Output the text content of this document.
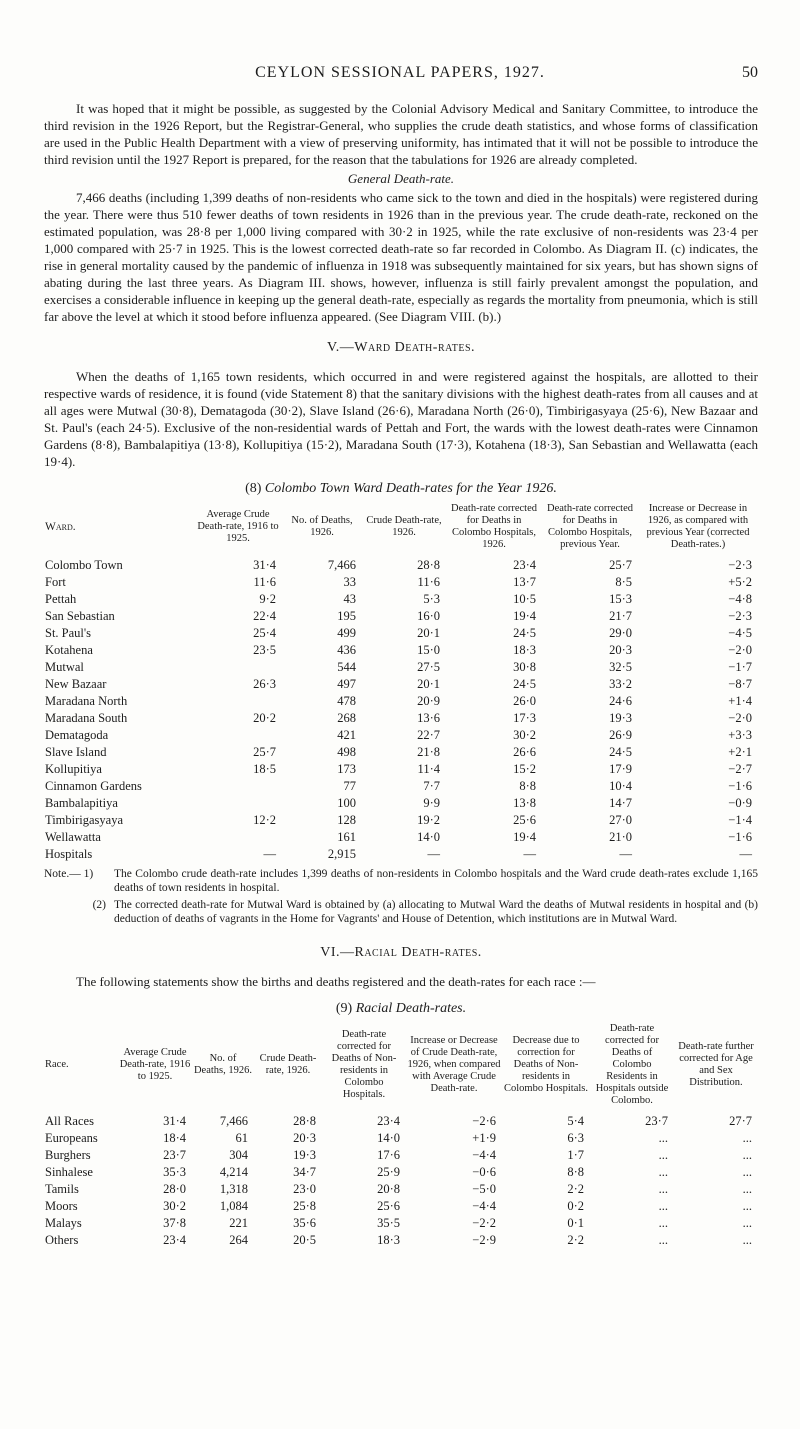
CEYLON SESSIONAL PAPERS, 1927.	50

It was hoped that it might be possible, as suggested by the Colonial Advisory Medical and Sanitary Committee, to introduce the third revision in the 1926 Report, but the Registrar-General, who supplies the crude death statistics, and whose forms of classification are used in the Public Health Department with a view of preserving uniformity, has intimated that it will not be possible to introduce the third revision until the 1927 Report is prepared, for the reason that the tabulations for 1926 are already completed.

General Death-rate.

7,466 deaths (including 1,399 deaths of non-residents who came sick to the town and died in the hospitals) were registered during the year. There were thus 510 fewer deaths of town residents in 1926 than in the previous year. The crude death-rate, reckoned on the estimated population, was 28·8 per 1,000 living compared with 30·2 in 1925, while the rate exclusive of non-residents was 23·4 per 1,000 compared with 25·7 in 1925. This is the lowest corrected death-rate so far recorded in Colombo. As Diagram II. (c) indicates, the rise in general mortality caused by the pandemic of influenza in 1918 was subsequently maintained for six years, but has shown signs of abating during the last three years. As Diagram III. shows, however, influenza is still fairly prevalent amongst the population, and exercises a considerable influence in keeping up the general death-rate, especially as regards the mortality from pneumonia, which is still far above the level at which it stood before influenza appeared. (See Diagram VIII. (b).)

V.—Ward Death-rates.

When the deaths of 1,165 town residents, which occurred in and were registered against the hospitals, are allotted to their respective wards of residence, it is found (vide Statement 8) that the sanitary divisions with the highest death-rates from all causes and at all ages were Mutwal (30·8), Dematagoda (30·2), Slave Island (26·6), Maradana North (26·0), Timbirigasyaya (25·6), New Bazaar and St. Paul's (each 24·5). Exclusive of the non-residential wards of Pettah and Fort, the wards with the lowest death-rates were Cinnamon Gardens (8·8), Bambalapitiya (13·8), Kollupitiya (15·2), Maradana South (17·3), Kotahena (18·3), San Sebastian and Wellawatta (each 19·4).

(8) Colombo Town Ward Death-rates for the Year 1926.
Ward.	Average Crude Death-rate, 1916 to 1925.	No. of Deaths, 1926.	Crude Death-rate, 1926.	Death-rate corrected for Deaths in Colombo Hospitals, 1926.	Death-rate corrected for Deaths in Colombo Hospitals, previous Year.	Increase or Decrease in 1926, as compared with previous Year (corrected Death-rates.)

Colombo Town	31·4	7,466	28·8	23·4	25·7	−2·3
Fort	11·6	33	11·6	13·7	8·5	+5·2
Pettah	9·2	43	5·3	10·5	15·3	−4·8
San Sebastian	22·4	195	16·0	19·4	21·7	−2·3
St. Paul's	25·4	499	20·1	24·5	29·0	−4·5
Kotahena	23·5	436	15·0	18·3	20·3	−2·0
Mutwal		544	27·5	30·8	32·5	−1·7
New Bazaar	26·3	497	20·1	24·5	33·2	−8·7
Maradana North		478	20·9	26·0	24·6	+1·4
Maradana South	20·2	268	13·6	17·3	19·3	−2·0
Dematagoda		421	22·7	30·2	26·9	+3·3
Slave Island	25·7	498	21·8	26·6	24·5	+2·1
Kollupitiya	18·5	173	11·4	15·2	17·9	−2·7
Cinnamon Gardens		77	7·7	8·8	10·4	−1·6
Bambalapitiya		100	9·9	13·8	14·7	−0·9
Timbirigasyaya	12·2	128	19·2	25·6	27·0	−1·4
Wellawatta		161	14·0	19·4	21·0	−1·6
Hospitals	—	2,915	—	—	—	—
Note.— 1)	The Colombo crude death-rate includes 1,399 deaths of non-residents in Colombo hospitals and the Ward crude death-rates exclude 1,165 deaths of town residents in hospital.
(2) The corrected death-rate for Mutwal Ward is obtained by (a) allocating to Mutwal Ward the deaths of Mutwal residents in hospital and (b) deduction of deaths of vagrants in the Home for Vagrants' and House of Detention, which institutions are in Mutwal Ward.
VI.—Racial Death-rates.

The following statements show the births and deaths registered and the death-rates for each race :—

(9) Racial Death-rates.
Race.	Average Crude Death-rate, 1916 to 1925.	No. of Deaths, 1926.	Crude Death-rate, 1926.	Death-rate corrected for Deaths of Non-residents in Colombo Hospitals.	Increase or Decrease of Crude Death-rate, 1926, when compared with Average Crude Death-rate.	Decrease due to correction for Deaths of Non-residents in Colombo Hospitals.	Death-rate corrected for Deaths of Colombo Residents in Hospitals outside Colombo.	Death-rate further corrected for Age and Sex Distribution.

All Races	31·4	7,466	28·8	23·4	−2·6	5·4	23·7	27·7
Europeans	18·4	61	20·3	14·0	+1·9	6·3	...	...
Burghers	23·7	304	19·3	17·6	−4·4	1·7	...	...
Sinhalese	35·3	4,214	34·7	25·9	−0·6	8·8	...	...
Tamils	28·0	1,318	23·0	20·8	−5·0	2·2	...	...
Moors	30·2	1,084	25·8	25·6	−4·4	0·2	...	...
Malays	37·8	221	35·6	35·5	−2·2	0·1	...	...
Others	23·4	264	20·5	18·3	−2·9	2·2	...	...
